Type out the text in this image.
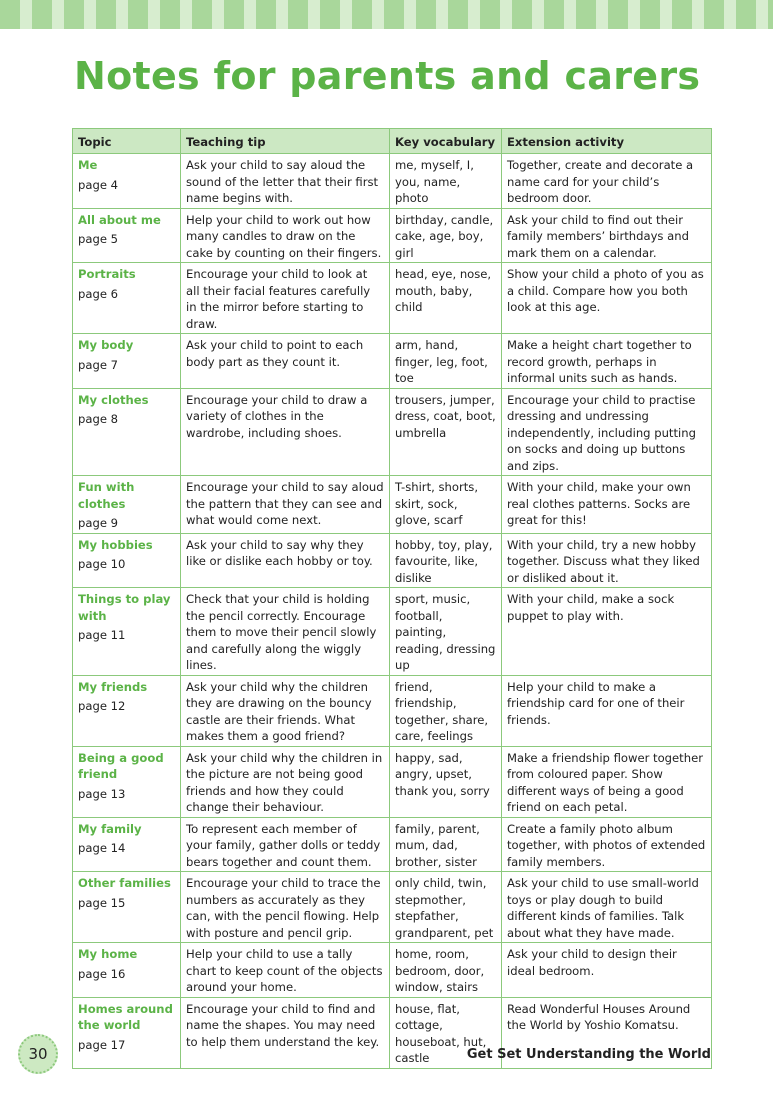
Notes for parents and carers
Topic	Teaching tip	Key vocabulary	Extension activity

Me
page 4	Ask your child to say aloud the sound of the letter that their first name begins with.	me, myself, I, you, name, photo	Together, create and decorate a name card for your child’s bedroom door.

All about me
page 5	Help your child to work out how many candles to draw on the cake by counting on their fingers.	birthday, candle, cake, age, boy, girl	Ask your child to find out their family members’ birthdays and mark them on a calendar.

Portraits
page 6	Encourage your child to look at all their facial features carefully in the mirror before starting to draw.	head, eye, nose, mouth, baby, child	Show your child a photo of you as a child. Compare how you both look at this age.

My body
page 7	Ask your child to point to each body part as they count it.	arm, hand, finger, leg, foot, toe	Make a height chart together to record growth, perhaps in informal units such as hands.

My clothes
page 8	Encourage your child to draw a variety of clothes in the wardrobe, including shoes.	trousers, jumper, dress, coat, boot, umbrella	Encourage your child to practise dressing and undressing independently, including putting on socks and doing up buttons and zips.

Fun with clothes
page 9	Encourage your child to say aloud the pattern that they can see and what would come next.	T-shirt, shorts, skirt, sock, glove, scarf	With your child, make your own real clothes patterns. Socks are great for this!

My hobbies
page 10	Ask your child to say why they like or dislike each hobby or toy.	hobby, toy, play, favourite, like, dislike	With your child, try a new hobby together. Discuss what they liked or disliked about it.

Things to play with
page 11	Check that your child is holding the pencil correctly. Encourage them to move their pencil slowly and carefully along the wiggly lines.	sport, music, football, painting, reading, dressing up	With your child, make a sock puppet to play with.

My friends
page 12	Ask your child why the children they are drawing on the bouncy castle are their friends. What makes them a good friend?	friend, friendship, together, share, care, feelings	Help your child to make a friendship card for one of their friends.

Being a good friend
page 13	Ask your child why the children in the picture are not being good friends and how they could change their behaviour.	happy, sad, angry, upset, thank you, sorry	Make a friendship flower together from coloured paper. Show different ways of being a good friend on each petal.

My family
page 14	To represent each member of your family, gather dolls or teddy bears together and count them.	family, parent, mum, dad, brother, sister	Create a family photo album together, with photos of extended family members.

Other families
page 15	Encourage your child to trace the numbers as accurately as they can, with the pencil flowing. Help with posture and pencil grip.	only child, twin, stepmother, stepfather, grandparent, pet	Ask your child to use small-world toys or play dough to build different kinds of families. Talk about what they have made.

My home
page 16	Help your child to use a tally chart to keep count of the objects around your home.	home, room, bedroom, door, window, stairs	Ask your child to design their ideal bedroom.

Homes around the world
page 17	Encourage your child to find and name the shapes. You may need to help them understand the key.	house, flat, cottage, houseboat, hut, castle	Read Wonderful Houses Around the World by Yoshio Komatsu.
30	Get Set Understanding the World
